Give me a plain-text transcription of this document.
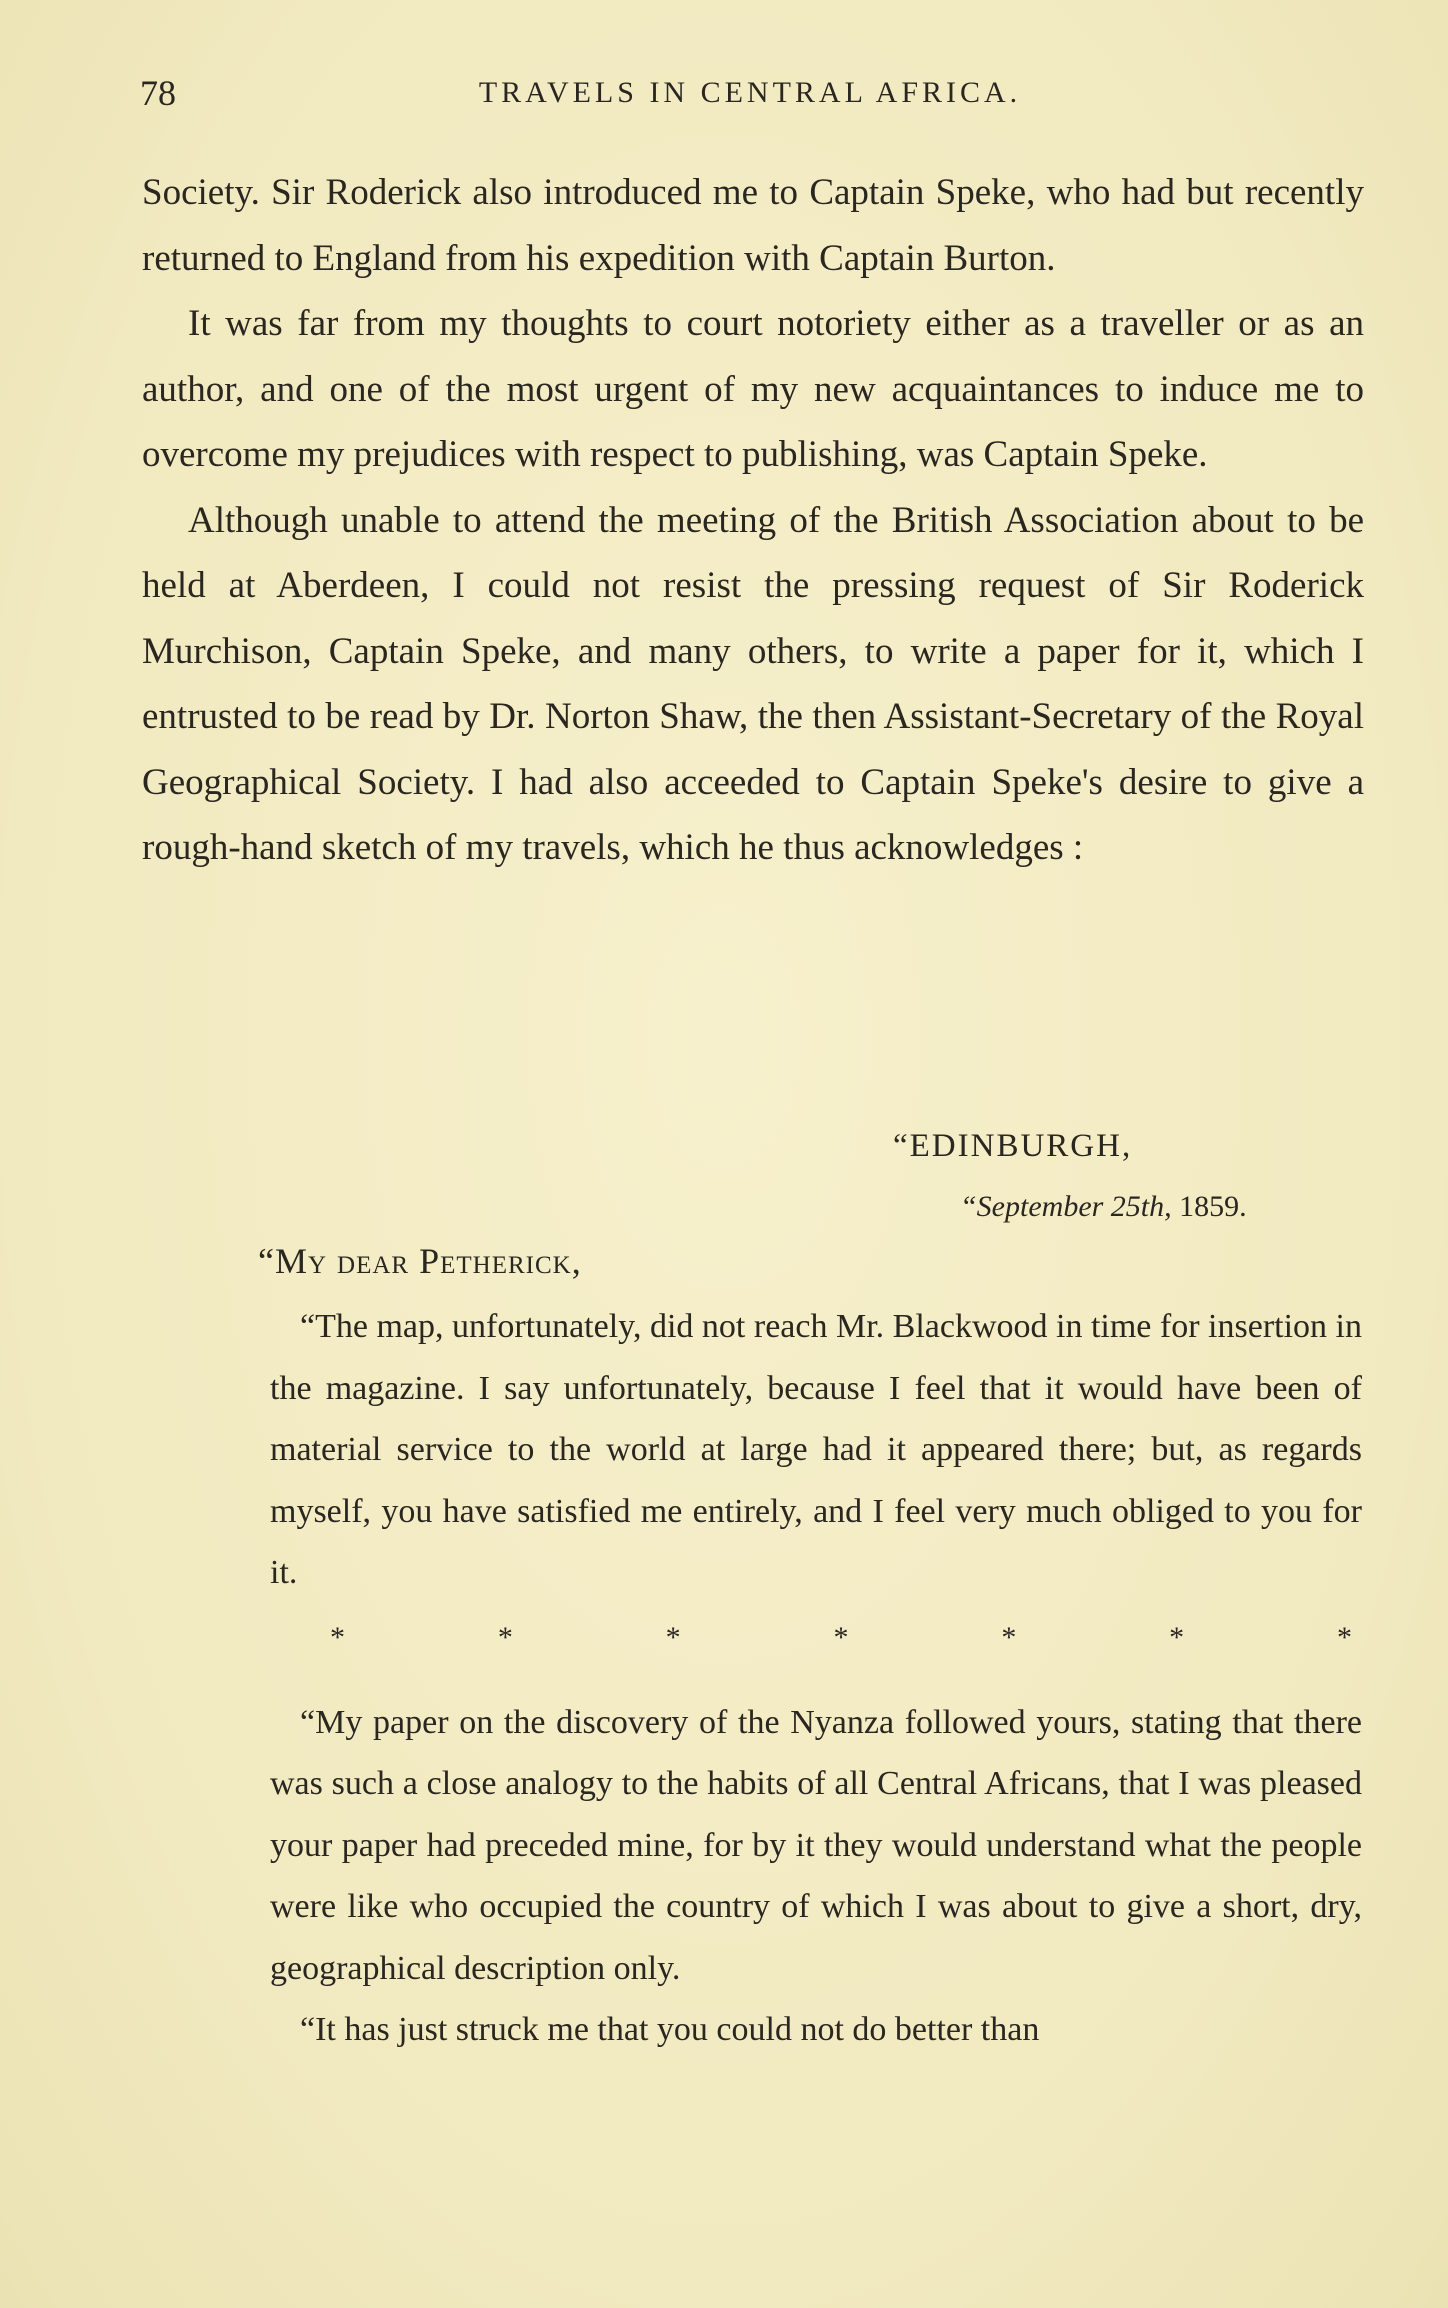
78	TRAVELS IN CENTRAL AFRICA.

Society. Sir Roderick also introduced me to Captain Speke, who had but recently returned to England from his expedition with Captain Burton.

It was far from my thoughts to court notoriety either as a traveller or as an author, and one of the most urgent of my new acquaintances to induce me to overcome my prejudices with respect to publishing, was Captain Speke.

Although unable to attend the meeting of the British Association about to be held at Aberdeen, I could not resist the pressing request of Sir Roderick Murchison, Captain Speke, and many others, to write a paper for it, which I entrusted to be read by Dr. Norton Shaw, the then Assistant-Secretary of the Royal Geographical Society. I had also acceeded to Captain Speke's desire to give a rough-hand sketch of my travels, which he thus acknowledges :

“EDINBURGH,
“September 25th, 1859.
“My dear Petherick,

“The map, unfortunately, did not reach Mr. Blackwood in time for insertion in the magazine. I say unfortunately, because I feel that it would have been of material service to the world at large had it appeared there; but, as regards myself, you have satisfied me entirely, and I feel very much obliged to you for it.

*	*	*	*	*	*	*

“My paper on the discovery of the Nyanza followed yours, stating that there was such a close analogy to the habits of all Central Africans, that I was pleased your paper had preceded mine, for by it they would understand what the people were like who occupied the country of which I was about to give a short, dry, geographical description only.

“It has just struck me that you could not do better than
